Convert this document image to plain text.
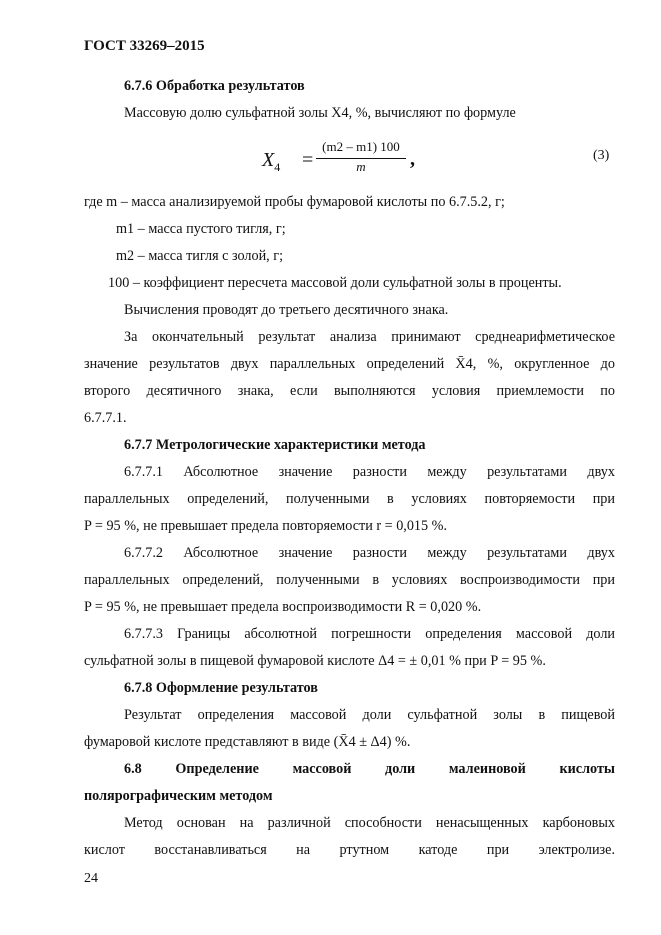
ГОСТ 33269–2015
6.7.6 Обработка результатов
Массовую долю сульфатной золы X4, %, вычисляют по формуле
$X_4$ =
(m2 – m1) 100
m	,	(3)
где m – масса анализируемой пробы фумаровой кислоты по 6.7.5.2, г;
m1 – масса пустого тигля, г;
m2 – масса тигля с золой, г;
100 – коэффициент пересчета массовой доли сульфатной золы в проценты.
Вычисления проводят до третьего десятичного знака.
За окончательный результат анализа принимают среднеарифметическое
значение результатов двух параллельных определений X̄4, %, округленное до
второго десятичного знака, если выполняются условия приемлемости по
6.7.7.1.
6.7.7 Метрологические характеристики метода
6.7.7.1 Абсолютное значение разности между результатами двух
параллельных определений, полученными в условиях повторяемости при
P = 95 %, не превышает предела повторяемости r = 0,015 %.
6.7.7.2 Абсолютное значение разности между результатами двух
параллельных определений, полученными в условиях воспроизводимости при
P = 95 %, не превышает предела воспроизводимости R = 0,020 %.
6.7.7.3 Границы абсолютной погрешности определения массовой доли
сульфатной золы в пищевой фумаровой кислоте Δ4 = ± 0,01 % при P = 95 %.
6.7.8 Оформление результатов
Результат определения массовой доли сульфатной золы в пищевой
фумаровой кислоте представляют в виде (X̄4 ± Δ4) %.
6.8 Определение массовой доли малеиновой кислоты
полярографическим методом
Метод основан на различной способности ненасыщенных карбоновых
кислот восстанавливаться на ртутном катоде при электролизе.
24
